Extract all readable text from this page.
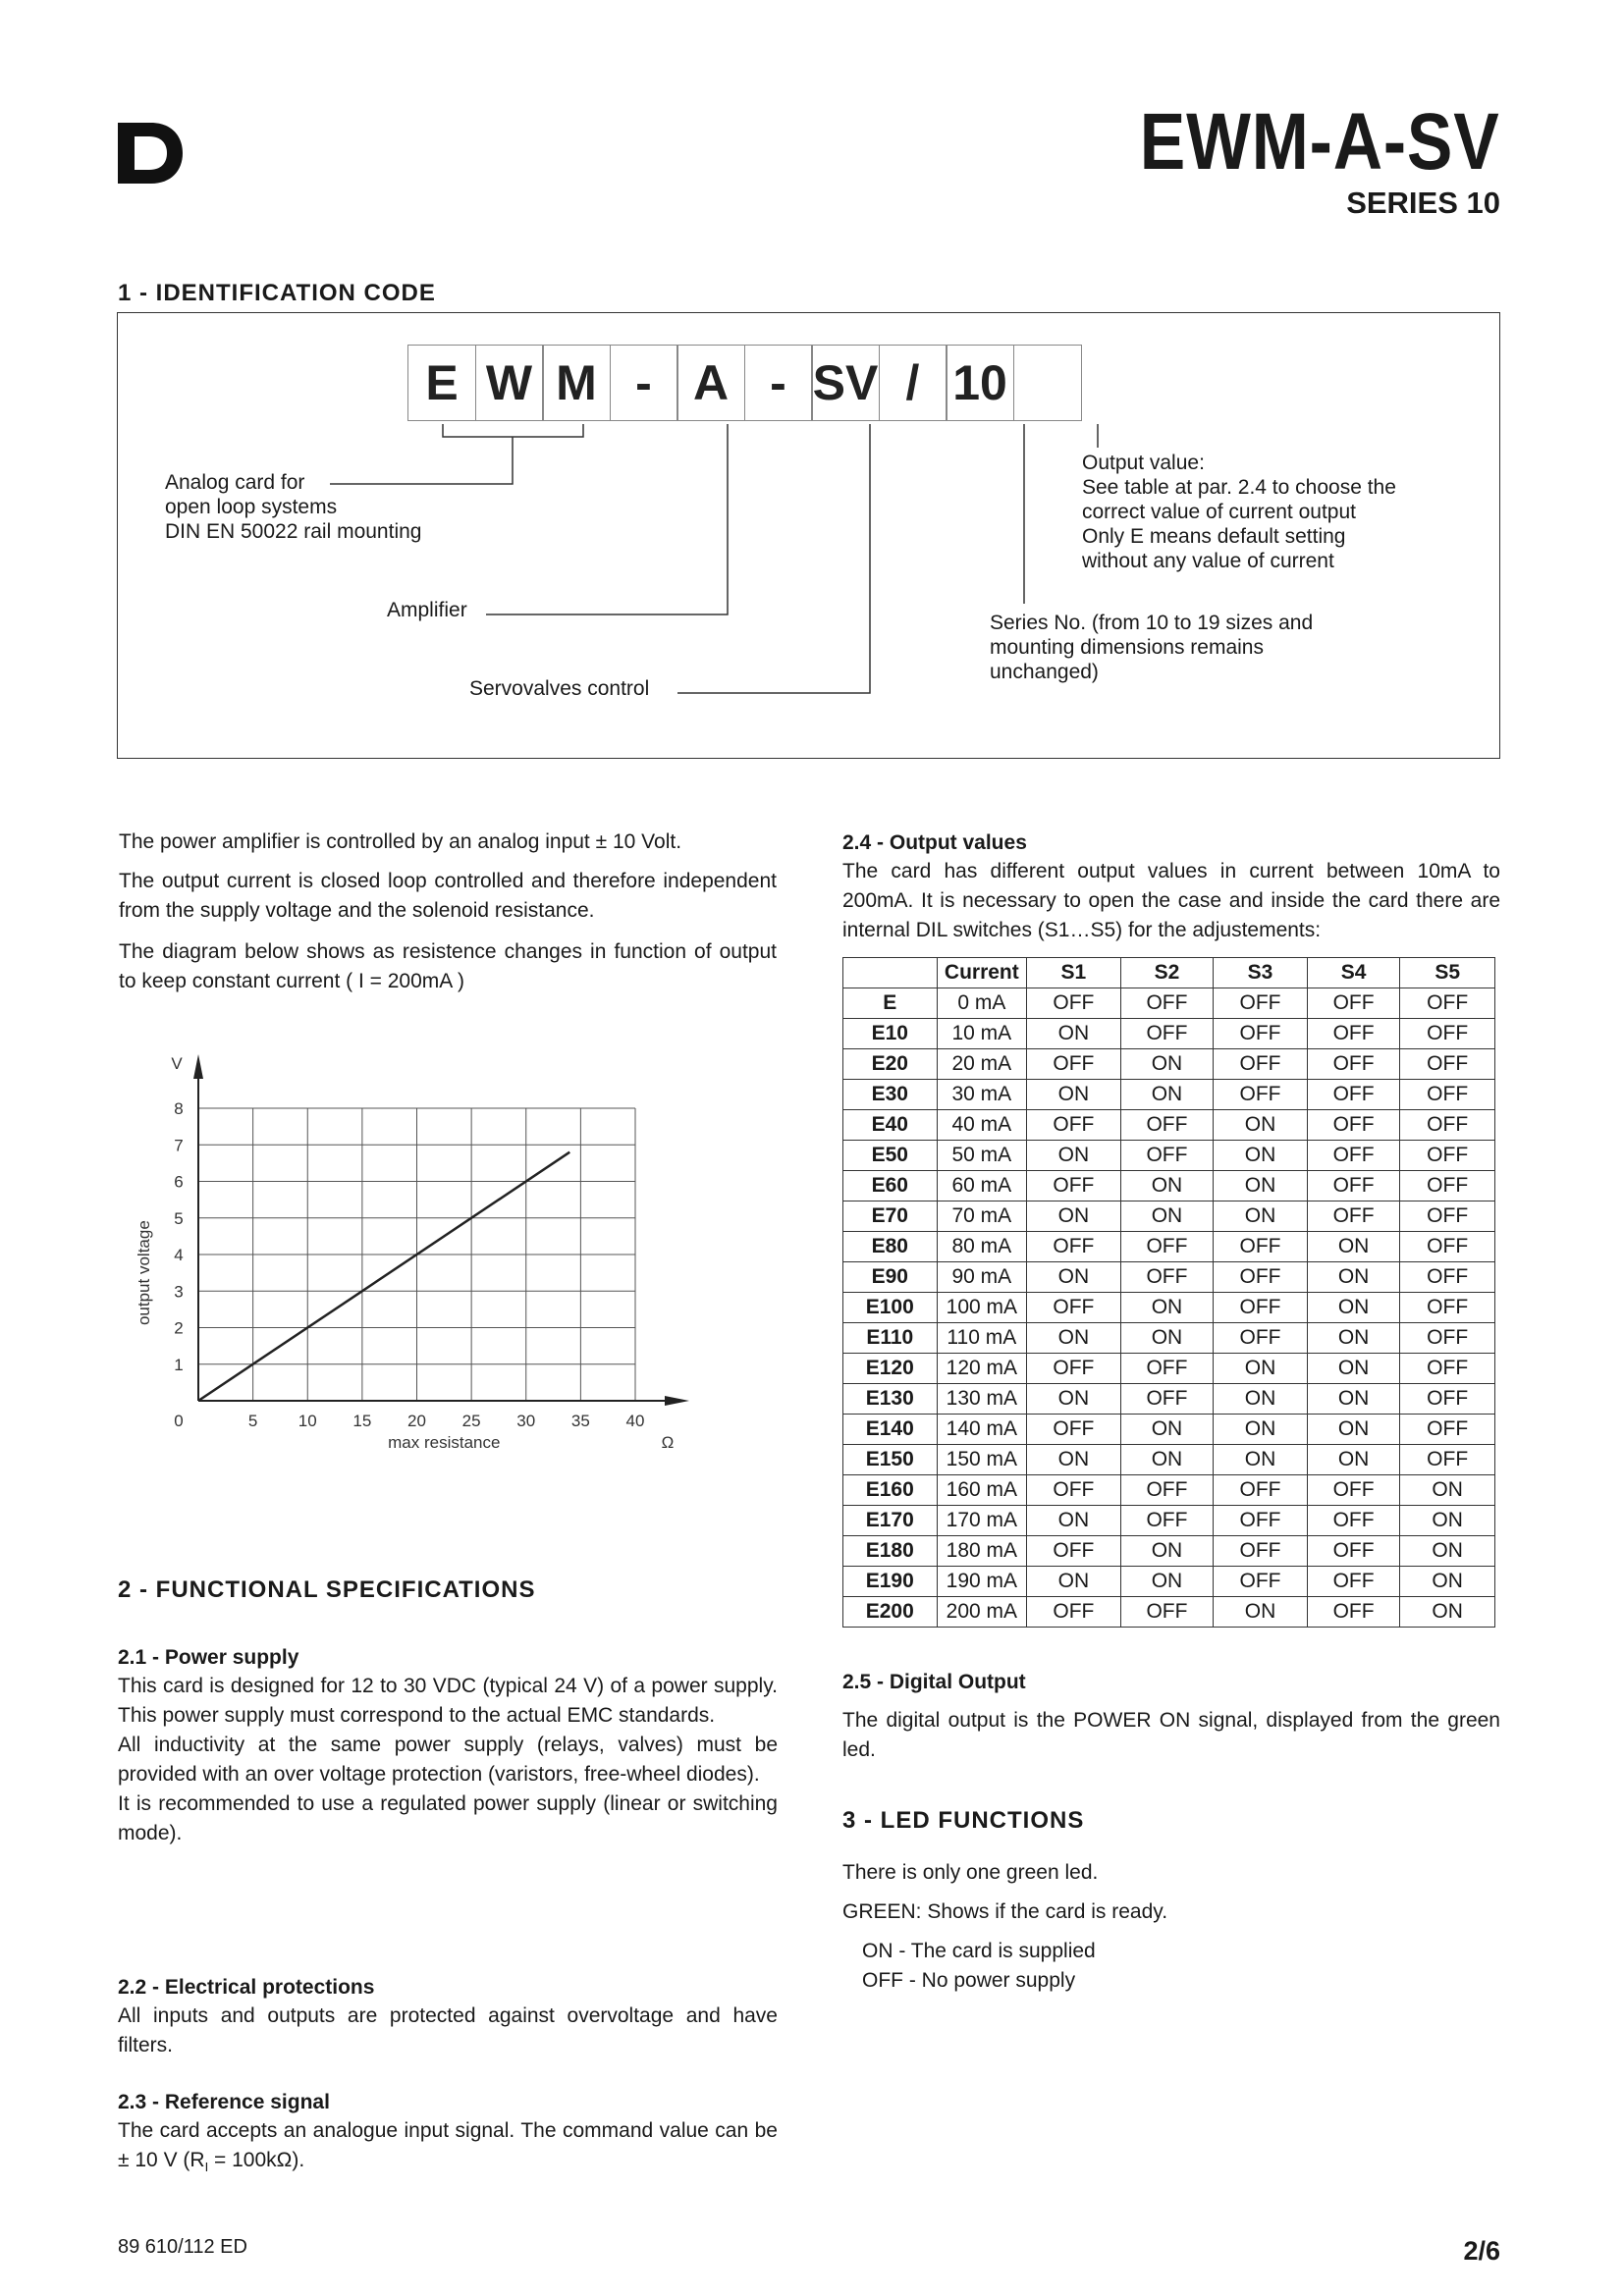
EWM-A-SV
SERIES 10
1 - IDENTIFICATION CODE
E W M - A - SV / 10
Analog card for
open loop systems
DIN EN 50022 rail mounting
Amplifier
Servovalves control
Output value:
See table at par. 2.4 to choose the
correct value of current output
Only E means default setting
without any value of current
Series No. (from 10 to 19 sizes and
mounting dimensions remains
unchanged)
The power amplifier is controlled by an analog input ± 10 Volt.
The output current is closed loop controlled and therefore independent from the supply voltage and the solenoid resistance.
The diagram below shows as resistence changes in function of output to keep constant current ( I = 200mA )
0	5 10 15 20 25 30 35 40
1
2
3
4
5
6
7
8
V
Ω
max resistance
output voltage
2 - FUNCTIONAL SPECIFICATIONS
2.1 - Power supply
This card is designed for 12 to 30 VDC (typical 24 V) of a power supply. This power supply must correspond to the actual EMC standards.
All inductivity at the same power supply (relays, valves) must be provided with an over voltage protection (varistors, free-wheel diodes).
It is recommended to use a regulated power supply (linear or switching mode).
2.2 - Electrical protections
All inputs and outputs are protected against overvoltage and have filters.
2.3 - Reference signal
The card accepts an analogue input signal. The command value can be ± 10 V $(R_I = 100k\Omega)$.
2.4 - Output values
The card has different output values in current between 10mA to 200mA. It is necessary to open the case and inside the card there are internal DIL switches (S1…S5) for the adjustements:
	Current	S1	S2	S3	S4	S5
E	0 mA	OFF	OFF	OFF	OFF	OFF
E10	10 mA	ON	OFF	OFF	OFF	OFF
E20	20 mA	OFF	ON	OFF	OFF	OFF
E30	30 mA	ON	ON	OFF	OFF	OFF
E40	40 mA	OFF	OFF	ON	OFF	OFF
E50	50 mA	ON	OFF	ON	OFF	OFF
E60	60 mA	OFF	ON	ON	OFF	OFF
E70	70 mA	ON	ON	ON	OFF	OFF
E80	80 mA	OFF	OFF	OFF	ON	OFF
E90	90 mA	ON	OFF	OFF	ON	OFF
E100	100 mA	OFF	ON	OFF	ON	OFF
E110	110 mA	ON	ON	OFF	ON	OFF
E120	120 mA	OFF	OFF	ON	ON	OFF
E130	130 mA	ON	OFF	ON	ON	OFF
E140	140 mA	OFF	ON	ON	ON	OFF
E150	150 mA	ON	ON	ON	ON	OFF
E160	160 mA	OFF	OFF	OFF	OFF	ON
E170	170 mA	ON	OFF	OFF	OFF	ON
E180	180 mA	OFF	ON	OFF	OFF	ON
E190	190 mA	ON	ON	OFF	OFF	ON
E200	200 mA	OFF	OFF	ON	OFF	ON
2.5 - Digital Output
The digital output is the POWER ON signal, displayed from the green led.
3 - LED FUNCTIONS
There is only one green led.
GREEN: Shows if the card is ready.
ON - The card is supplied
OFF - No power supply
89 610/112 ED	2/6
